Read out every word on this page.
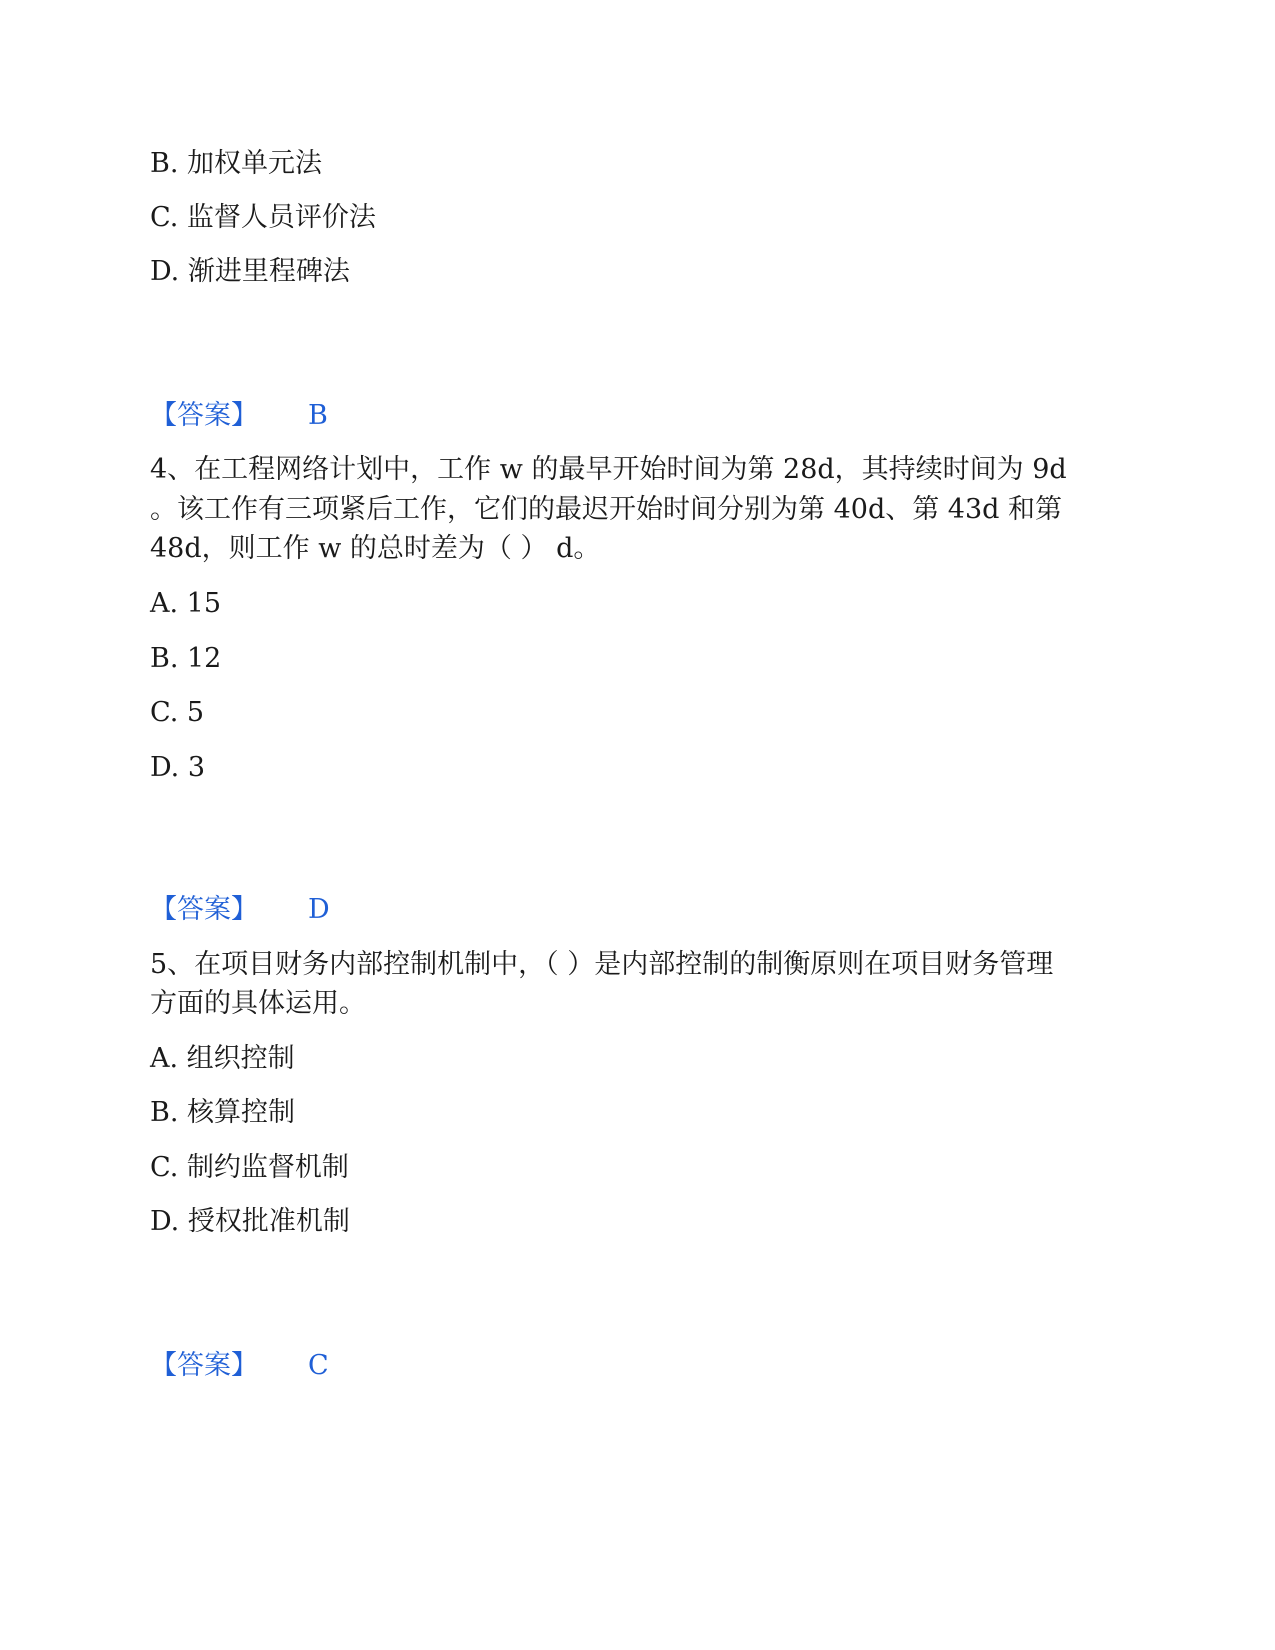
B. 加权单元法
C. 监督人员评价法
D. 渐进里程碑法
【答案】 B
4、在工程网络计划中，工作 w 的最早开始时间为第 28d，其持续时间为 9d
。该工作有三项紧后工作，它们的最迟开始时间分别为第 40d、第 43d 和第
48d，则工作 w 的总时差为（ ） d。
A. 15
B. 12
C. 5
D. 3
【答案】 D
5、在项目财务内部控制机制中，（ ）是内部控制的制衡原则在项目财务管理
方面的具体运用。
A. 组织控制
B. 核算控制
C. 制约监督机制
D. 授权批准机制
【答案】 C
